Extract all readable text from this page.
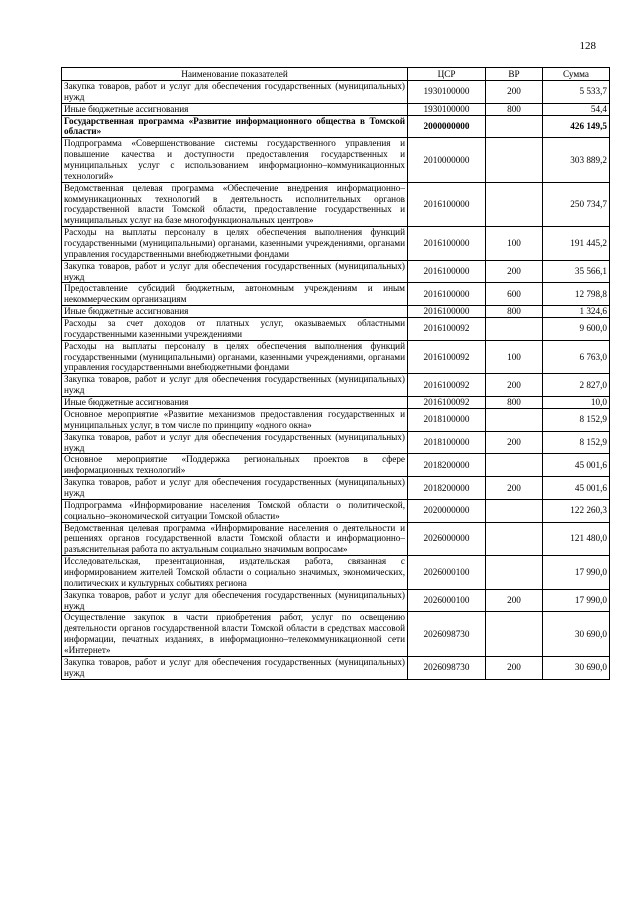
128
Наименование показателей	ЦСР	ВР	Сумма
Закупка товаров, работ и услуг для обеспечения государственных (муниципальных) нужд	1930100000	200	5 533,7
Иные бюджетные ассигнования	1930100000	800	54,4
Государственная программа «Развитие информационного общества в Томской области»	2000000000		426 149,5
Подпрограмма «Совершенствование системы государственного управления и повышение качества и доступности предоставления государственных и муниципальных услуг с использованием информационно–коммуникационных технологий»	2010000000		303 889,2
Ведомственная целевая программа «Обеспечение внедрения информационно–коммуникационных технологий в деятельность исполнительных органов государственной власти Томской области, предоставление государственных и муниципальных услуг на базе многофункциональных центров»	2016100000		250 734,7
Расходы на выплаты персоналу в целях обеспечения выполнения функций государственными (муниципальными) органами, казенными учреждениями, органами управления государственными внебюджетными фондами	2016100000	100	191 445,2
Закупка товаров, работ и услуг для обеспечения государственных (муниципальных) нужд	2016100000	200	35 566,1
Предоставление субсидий бюджетным, автономным учреждениям и иным некоммерческим организациям	2016100000	600	12 798,8
Иные бюджетные ассигнования	2016100000	800	1 324,6
Расходы за счет доходов от платных услуг, оказываемых областными государственными казенными учреждениями	2016100092		9 600,0
Расходы на выплаты персоналу в целях обеспечения выполнения функций государственными (муниципальными) органами, казенными учреждениями, органами управления государственными внебюджетными фондами	2016100092	100	6 763,0
Закупка товаров, работ и услуг для обеспечения государственных (муниципальных) нужд	2016100092	200	2 827,0
Иные бюджетные ассигнования	2016100092	800	10,0
Основное мероприятие «Развитие механизмов предоставления государственных и муниципальных услуг, в том числе по принципу «одного окна»	2018100000		8 152,9
Закупка товаров, работ и услуг для обеспечения государственных (муниципальных) нужд	2018100000	200	8 152,9
Основное мероприятие «Поддержка региональных проектов в сфере информационных технологий»	2018200000		45 001,6
Закупка товаров, работ и услуг для обеспечения государственных (муниципальных) нужд	2018200000	200	45 001,6
Подпрограмма «Информирование населения Томской области о политической, социально–экономической ситуации Томской области»	2020000000		122 260,3
Ведомственная целевая программа «Информирование населения о деятельности и решениях органов государственной власти Томской области и информационно–разъяснительная работа по актуальным социально значимым вопросам»	2026000000		121 480,0
Исследовательская, презентационная, издательская работа, связанная с информированием жителей Томской области о социально значимых, экономических, политических и культурных событиях региона	2026000100		17 990,0
Закупка товаров, работ и услуг для обеспечения государственных (муниципальных) нужд	2026000100	200	17 990,0
Осуществление закупок в части приобретения работ, услуг по освещению деятельности органов государственной власти Томской области в средствах массовой информации, печатных изданиях, в информационно–телекоммуникационной сети «Интернет»	2026098730		30 690,0
Закупка товаров, работ и услуг для обеспечения государственных (муниципальных) нужд	2026098730	200	30 690,0
